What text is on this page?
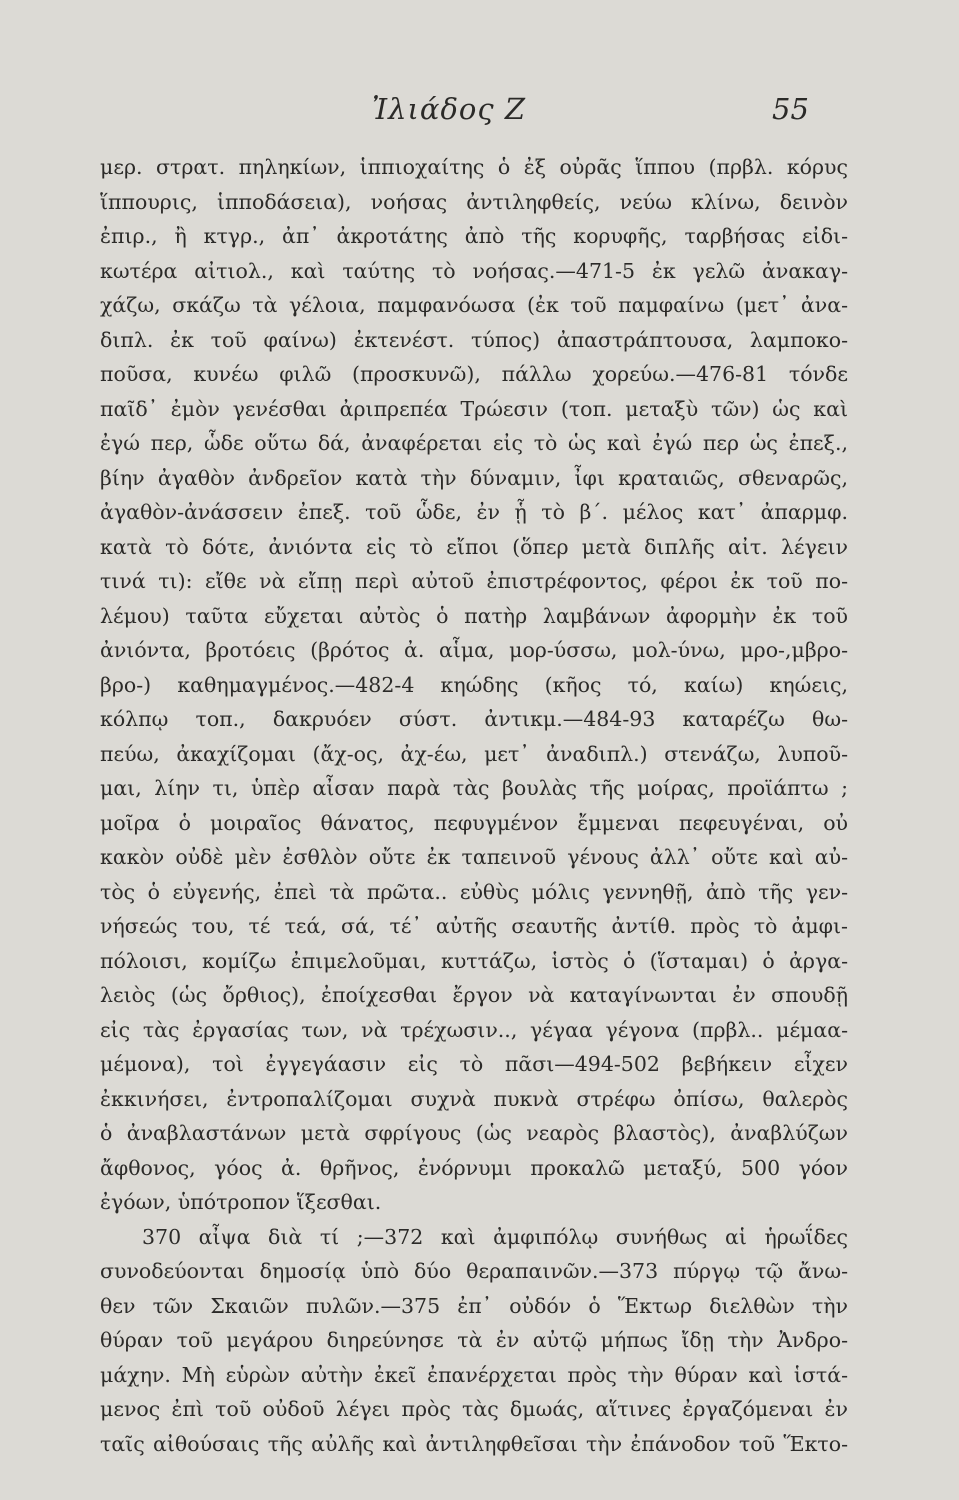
Ἰλιάδος Ζ	55
μερ. στρατ. πηληκίων, ἱππιοχαίτης ὁ ἐξ οὐρᾶς ἵππου (πρβλ. κόρυς
ἵππουρις, ἱπποδάσεια), νοήσας ἀντιληφθείς, νεύω κλίνω, δεινὸν
ἐπιρ., ἢ κτγρ., ἀπ᾽ ἀκροτάτης ἀπὸ τῆς κορυφῆς, ταρβήσας εἰδι-
κωτέρα αἰτιολ., καὶ ταύτης τὸ νοήσας.—471-5 ἐκ γελῶ ἀνακαγ-
χάζω, σκάζω τὰ γέλοια, παμφανόωσα (ἐκ τοῦ παμφαίνω (μετ᾽ ἀνα-
διπλ. ἐκ τοῦ φαίνω) ἐκτενέστ. τύπος) ἀπαστράπτουσα, λαμποκο-
ποῦσα, κυνέω φιλῶ (προσκυνῶ), πάλλω χορεύω.—476-81 τόνδε
παῖδ᾽ ἐμὸν γενέσθαι ἀριπρεπέα Τρώεσιν (τοπ. μεταξὺ τῶν) ὡς καὶ
ἐγώ περ, ὧδε οὕτω δά, ἀναφέρεται εἰς τὸ ὡς καὶ ἐγώ περ ὡς ἐπεξ.,
βίην ἀγαθὸν ἀνδρεῖον κατὰ τὴν δύναμιν, ἶφι κραταιῶς, σθεναρῶς,
ἀγαθὸν-ἀνάσσειν ἐπεξ. τοῦ ὧδε, ἐν ᾗ τὸ β΄. μέλος κατ᾽ ἀπαρμφ.
κατὰ τὸ δότε, ἀνιόντα εἰς τὸ εἴποι (ὅπερ μετὰ διπλῆς αἰτ. λέγειν
τινά τι): εἴθε νὰ εἴπῃ περὶ αὐτοῦ ἐπιστρέφοντος, φέροι ἐκ τοῦ πο-
λέμου) ταῦτα εὔχεται αὐτὸς ὁ πατὴρ λαμβάνων ἀφορμὴν ἐκ τοῦ
ἀνιόντα, βροτόεις (βρότος ἀ. αἷμα, μορ-ύσσω, μολ-ύνω, μρο-,μβρο-
βρο-) καθημαγμένος.—482-4 κηώδης (κῆος τό, καίω) κηώεις,
κόλπῳ τοπ., δακρυόεν σύστ. ἀντικμ.—484-93 καταρέζω θω-
πεύω, ἀκαχίζομαι (ἄχ-ος, ἀχ-έω, μετ᾽ ἀναδιπλ.) στενάζω, λυποῦ-
μαι, λίην τι, ὑπὲρ αἶσαν παρὰ τὰς βουλὰς τῆς μοίρας, προϊάπτω ;
μοῖρα ὁ μοιραῖος θάνατος, πεφυγμένον ἔμμεναι πεφευγέναι, οὐ
κακὸν οὐδὲ μὲν ἐσθλὸν οὔτε ἐκ ταπεινοῦ γένους ἀλλ᾽ οὔτε καὶ αὐ-
τὸς ὁ εὐγενής, ἐπεὶ τὰ πρῶτα.. εὐθὺς μόλις γεννηθῇ, ἀπὸ τῆς γεν-
νήσεώς του, τέ τεά, σά, τέ᾽ αὐτῆς σεαυτῆς ἀντίθ. πρὸς τὸ ἀμφι-
πόλοισι, κομίζω ἐπιμελοῦμαι, κυττάζω, ἱστὸς ὁ (ἵσταμαι) ὁ ἀργα-
λειὸς (ὡς ὄρθιος), ἐποίχεσθαι ἔργον νὰ καταγίνωνται ἐν σπουδῇ
εἰς τὰς ἐργασίας των, νὰ τρέχωσιν.., γέγαα γέγονα (πρβλ.. μέμαα-
μέμονα), τοὶ ἐγγεγάασιν εἰς τὸ πᾶσι—494-502 βεβήκειν εἶχεν
ἐκκινήσει, ἐντροπαλίζομαι συχνὰ πυκνὰ στρέφω ὀπίσω, θαλερὸς
ὁ ἀναβλαστάνων μετὰ σφρίγους (ὡς νεαρὸς βλαστὸς), ἀναβλύζων
ἄφθονος, γόος ἀ. θρῆνος, ἐνόρνυμι προκαλῶ μεταξύ, 500 γόον
ἐγόων, ὑπότροπον ἵξεσθαι.
370 αἶψα διὰ τί ;—372 καὶ ἀμφιπόλῳ συνήθως αἱ ἡρωΐδες
συνοδεύονται δημοσίᾳ ὑπὸ δύο θεραπαινῶν.—373 πύργῳ τῷ ἄνω-
θεν τῶν Σκαιῶν πυλῶν.—375 ἐπ᾽ οὐδόν ὁ Ἕκτωρ διελθὼν τὴν
θύραν τοῦ μεγάρου διηρεύνησε τὰ ἐν αὐτῷ μήπως ἴδῃ τὴν Ἀνδρο-
μάχην. Μὴ εὑρὼν αὐτὴν ἐκεῖ ἐπανέρχεται πρὸς τὴν θύραν καὶ ἱστά-
μενος ἐπὶ τοῦ οὐδοῦ λέγει πρὸς τὰς δμωάς, αἵτινες ἐργαζόμεναι ἐν
ταῖς αἰθούσαις τῆς αὐλῆς καὶ ἀντιληφθεῖσαι τὴν ἐπάνοδον τοῦ Ἕκτο-
